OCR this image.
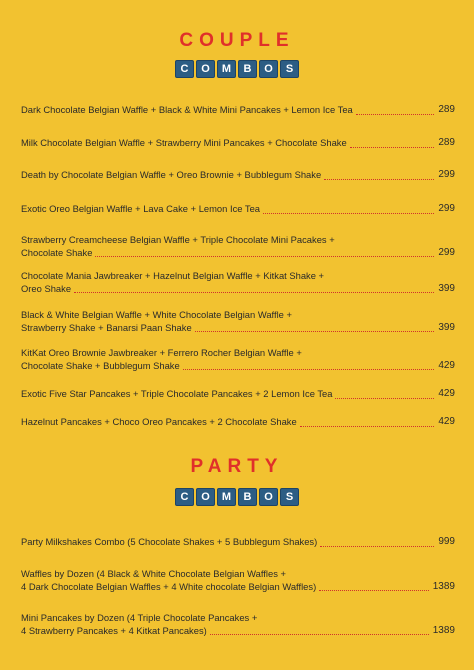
COUPLE
C	O	M	B	O	S
Dark Chocolate Belgian Waffle + Black & White Mini Pancakes + Lemon Ice Tea	289
Milk Chocolate Belgian Waffle + Strawberry Mini Pancakes + Chocolate Shake	289
Death by Chocolate Belgian Waffle + Oreo Brownie + Bubblegum Shake	299
Exotic Oreo Belgian Waffle + Lava Cake + Lemon Ice Tea	299
Strawberry Creamcheese Belgian Waffle + Triple Chocolate Mini Pacakes +
Chocolate Shake	299
Chocolate Mania Jawbreaker + Hazelnut Belgian Waffle + Kitkat Shake +
Oreo Shake	399
Black & White Belgian Waffle + White Chocolate Belgian Waffle +
Strawberry Shake + Banarsi Paan Shake	399
KitKat Oreo Brownie Jawbreaker + Ferrero Rocher Belgian Waffle +
Chocolate Shake + Bubblegum Shake	429
Exotic Five Star Pancakes + Triple Chocolate Pancakes + 2 Lemon Ice Tea	429
Hazelnut Pancakes + Choco Oreo Pancakes + 2 Chocolate Shake	429
PARTY
C	O	M	B	O	S
Party Milkshakes Combo (5 Chocolate Shakes + 5 Bubblegum Shakes)	999
Waffles by Dozen (4 Black & White Chocolate Belgian Waffles +
4 Dark Chocolate Belgian Waffles + 4 White chocolate Belgian Waffles)	1389
Mini Pancakes by Dozen (4 Triple Chocolate Pancakes +
4 Strawberry Pancakes + 4 Kitkat Pancakes)	1389
